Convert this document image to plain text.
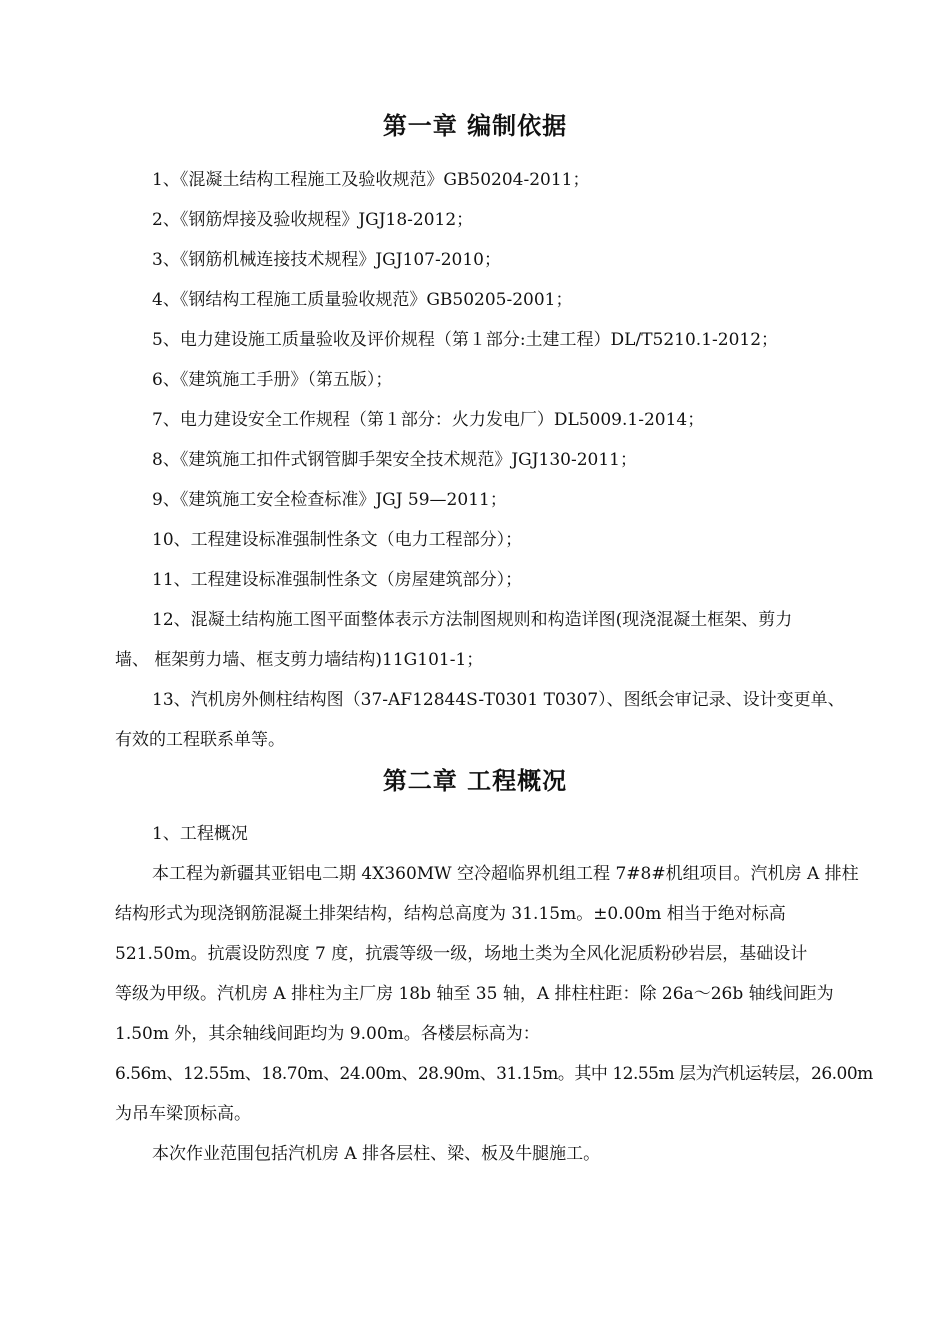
第一章 编制依据

1、《混凝土结构工程施工及验收规范》GB50204-2011；

2、《钢筋焊接及验收规程》JGJ18-2012；

3、《钢筋机械连接技术规程》JGJ107-2010；

4、《钢结构工程施工质量验收规范》GB50205-2001；

5、电力建设施工质量验收及评价规程（第１部分:土建工程）DL/T5210.1-2012；

6、《建筑施工手册》（第五版）；

7、电力建设安全工作规程（第１部分：火力发电厂）DL5009.1-2014；

8、《建筑施工扣件式钢管脚手架安全技术规范》JGJ130-2011；

9、《建筑施工安全检查标准》JGJ 59—2011；

10、工程建设标准强制性条文（电力工程部分）；

11、工程建设标准强制性条文（房屋建筑部分）；

12、混凝土结构施工图平面整体表示方法制图规则和构造详图(现浇混凝土框架、剪力

墙、 框架剪力墙、框支剪力墙结构)11G101-1；

13、汽机房外侧柱结构图（37-AF12844S-T0301 T0307）、图纸会审记录、设计变更单、

有效的工程联系单等。

第二章 工程概况

1、工程概况

本工程为新疆其亚铝电二期 4X360MW 空冷超临界机组工程 7#8#机组项目。汽机房 A 排柱

结构形式为现浇钢筋混凝土排架结构，结构总高度为 31.15m。±0.00m 相当于绝对标高

521.50m。抗震设防烈度 7 度，抗震等级一级，场地土类为全风化泥质粉砂岩层，基础设计

等级为甲级。汽机房 A 排柱为主厂房 18b 轴至 35 轴，A 排柱柱距：除 26a～26b 轴线间距为

1.50m 外，其余轴线间距均为 9.00m。各楼层标高为：

6.56m、12.55m、18.70m、24.00m、28.90m、31.15m。其中 12.55m 层为汽机运转层，26.00m

为吊车梁顶标高。

本次作业范围包括汽机房 A 排各层柱、梁、板及牛腿施工。
